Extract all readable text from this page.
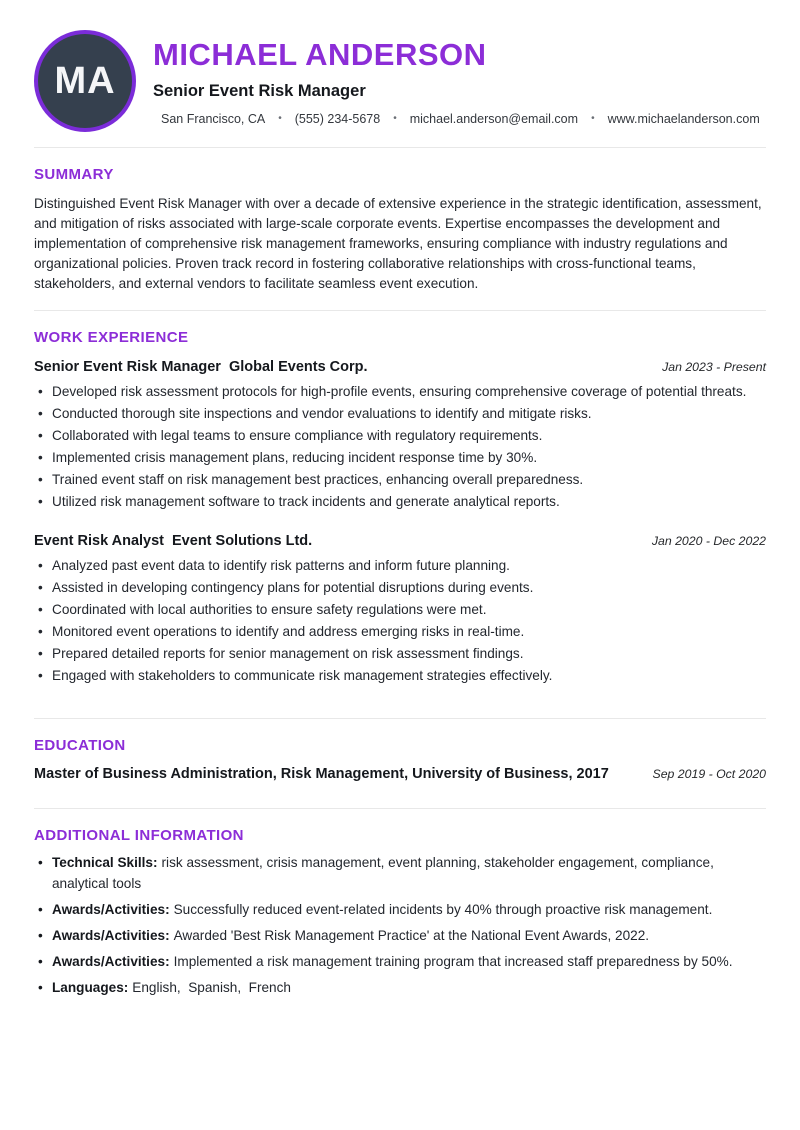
MA
MICHAEL ANDERSON
Senior Event Risk Manager
San Francisco, CA • (555) 234-5678 • michael.anderson@email.com • www.michaelanderson.com
SUMMARY

Distinguished Event Risk Manager with over a decade of extensive experience in the strategic identification, assessment, and mitigation of risks associated with large-scale corporate events. Expertise encompasses the development and implementation of comprehensive risk management frameworks, ensuring compliance with industry regulations and organizational policies. Proven track record in fostering collaborative relationships with cross-functional teams, stakeholders, and external vendors to facilitate seamless event execution.

WORK EXPERIENCE
Senior Event Risk Manager Global Events Corp.	Jan 2023 - Present
• Developed risk assessment protocols for high-profile events, ensuring comprehensive coverage of potential threats.
• Conducted thorough site inspections and vendor evaluations to identify and mitigate risks.
• Collaborated with legal teams to ensure compliance with regulatory requirements.
• Implemented crisis management plans, reducing incident response time by 30%.
• Trained event staff on risk management best practices, enhancing overall preparedness.
• Utilized risk management software to track incidents and generate analytical reports.
Event Risk Analyst Event Solutions Ltd.	Jan 2020 - Dec 2022
• Analyzed past event data to identify risk patterns and inform future planning.
• Assisted in developing contingency plans for potential disruptions during events.
• Coordinated with local authorities to ensure safety regulations were met.
• Monitored event operations to identify and address emerging risks in real-time.
• Prepared detailed reports for senior management on risk assessment findings.
• Engaged with stakeholders to communicate risk management strategies effectively.
EDUCATION
Master of Business Administration, Risk Management, University of Business, 2017	Sep 2019 - Oct 2020
ADDITIONAL INFORMATION
• Technical Skills: risk assessment, crisis management, event planning, stakeholder engagement, compliance, analytical tools
• Awards/Activities: Successfully reduced event-related incidents by 40% through proactive risk management.
• Awards/Activities: Awarded 'Best Risk Management Practice' at the National Event Awards, 2022.
• Awards/Activities: Implemented a risk management training program that increased staff preparedness by 50%.
• Languages: English,  Spanish,  French
